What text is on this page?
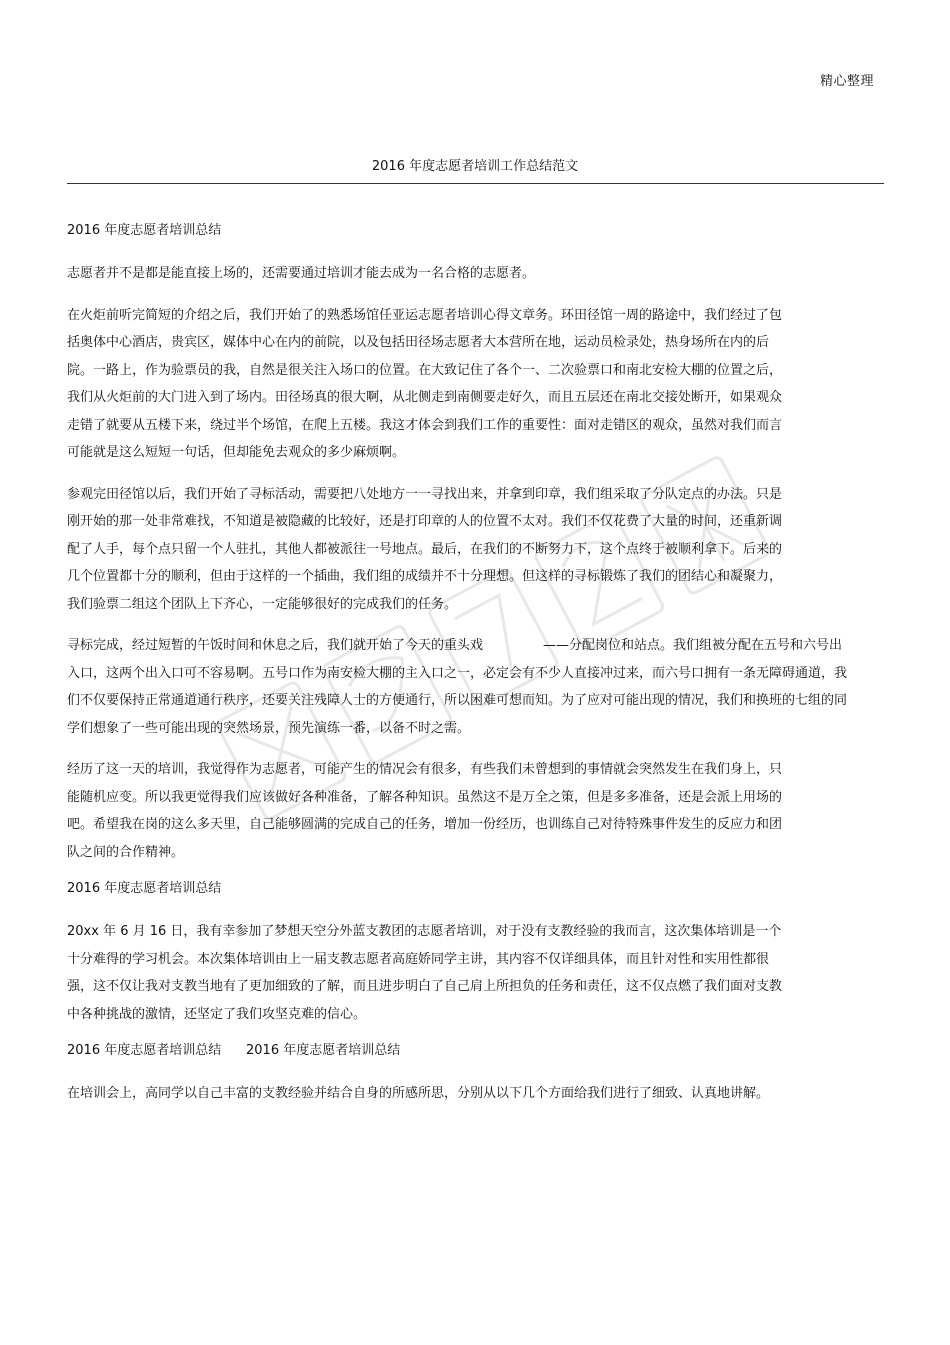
精心整理
2016 年度志愿者培训工作总结范文
2016 年度志愿者培训总结
志愿者并不是都是能直接上场的，还需要通过培训才能去成为一名合格的志愿者。
在火炬前听完简短的介绍之后，我们开始了的熟悉场馆任亚运志愿者培训心得文章务。环田径馆一周的路途中，我们经过了包括奥体中心酒店，贵宾区，媒体中心在内的前院，以及包括田径场志愿者大本营所在地，运动员检录处，热身场所在内的后院。一路上，作为验票员的我，自然是很关注入场口的位置。在大致记住了各个一、二次验票口和南北安检大棚的位置之后，我们从火炬前的大门进入到了场内。田径场真的很大啊，从北侧走到南侧要走好久，而且五层还在南北交接处断开，如果观众走错了就要从五楼下来，绕过半个场馆，在爬上五楼。我这才体会到我们工作的重要性：面对走错区的观众，虽然对我们而言可能就是这么短短一句话，但却能免去观众的多少麻烦啊。
参观完田径馆以后，我们开始了寻标活动，需要把八处地方一一寻找出来，并拿到印章，我们组采取了分队定点的办法。只是刚开始的那一处非常难找，不知道是被隐藏的比较好，还是打印章的人的位置不太对。我们不仅花费了大量的时间，还重新调配了人手，每个点只留一个人驻扎，其他人都被派往一号地点。最后，在我们的不断努力下，这个点终于被顺利拿下。后来的几个位置都十分的顺利，但由于这样的一个插曲，我们组的成绩并不十分理想。但这样的寻标锻炼了我们的团结心和凝聚力，我们验票二组这个团队上下齐心，一定能够很好的完成我们的任务。
寻标完成，经过短暂的午饭时间和休息之后，我们就开始了今天的重头戏	——分配岗位和站点。我们组被分配在五号和六号出入口，这两个出入口可不容易啊。五号口作为南安检大棚的主入口之一，必定会有不少人直接冲过来，而六号口拥有一条无障碍通道，我们不仅要保持正常通道通行秩序，还要关注残障人士的方便通行，所以困难可想而知。为了应对可能出现的情况，我们和换班的七组的同学们想象了一些可能出现的突然场景，预先演练一番，以备不时之需。
经历了这一天的培训，我觉得作为志愿者，可能产生的情况会有很多，有些我们未曾想到的事情就会突然发生在我们身上，只能随机应变。所以我更觉得我们应该做好各种准备，了解各种知识。虽然这不是万全之策，但是多多准备，还是会派上用场的吧。希望我在岗的这么多天里，自己能够圆满的完成自己的任务，增加一份经历，也训练自己对待特殊事件发生的反应力和团队之间的合作精神。
2016 年度志愿者培训总结
20xx 年 6 月 16 日，我有幸参加了梦想天空分外蓝支教团的志愿者培训，对于没有支教经验的我而言，这次集体培训是一个十分难得的学习机会。本次集体培训由上一届支教志愿者高庭娇同学主讲，其内容不仅详细具体，而且针对性和实用性都很强，这不仅让我对支教当地有了更加细致的了解，而且进步明白了自己肩上所担负的任务和责任，这不仅点燃了我们面对支教中各种挑战的激情，还坚定了我们攻坚克难的信心。
2016 年度志愿者培训总结 2016 年度志愿者培训总结
在培训会上，高同学以自己丰富的支教经验并结合自身的所感所思，分别从以下几个方面给我们进行了细致、认真地讲解。
